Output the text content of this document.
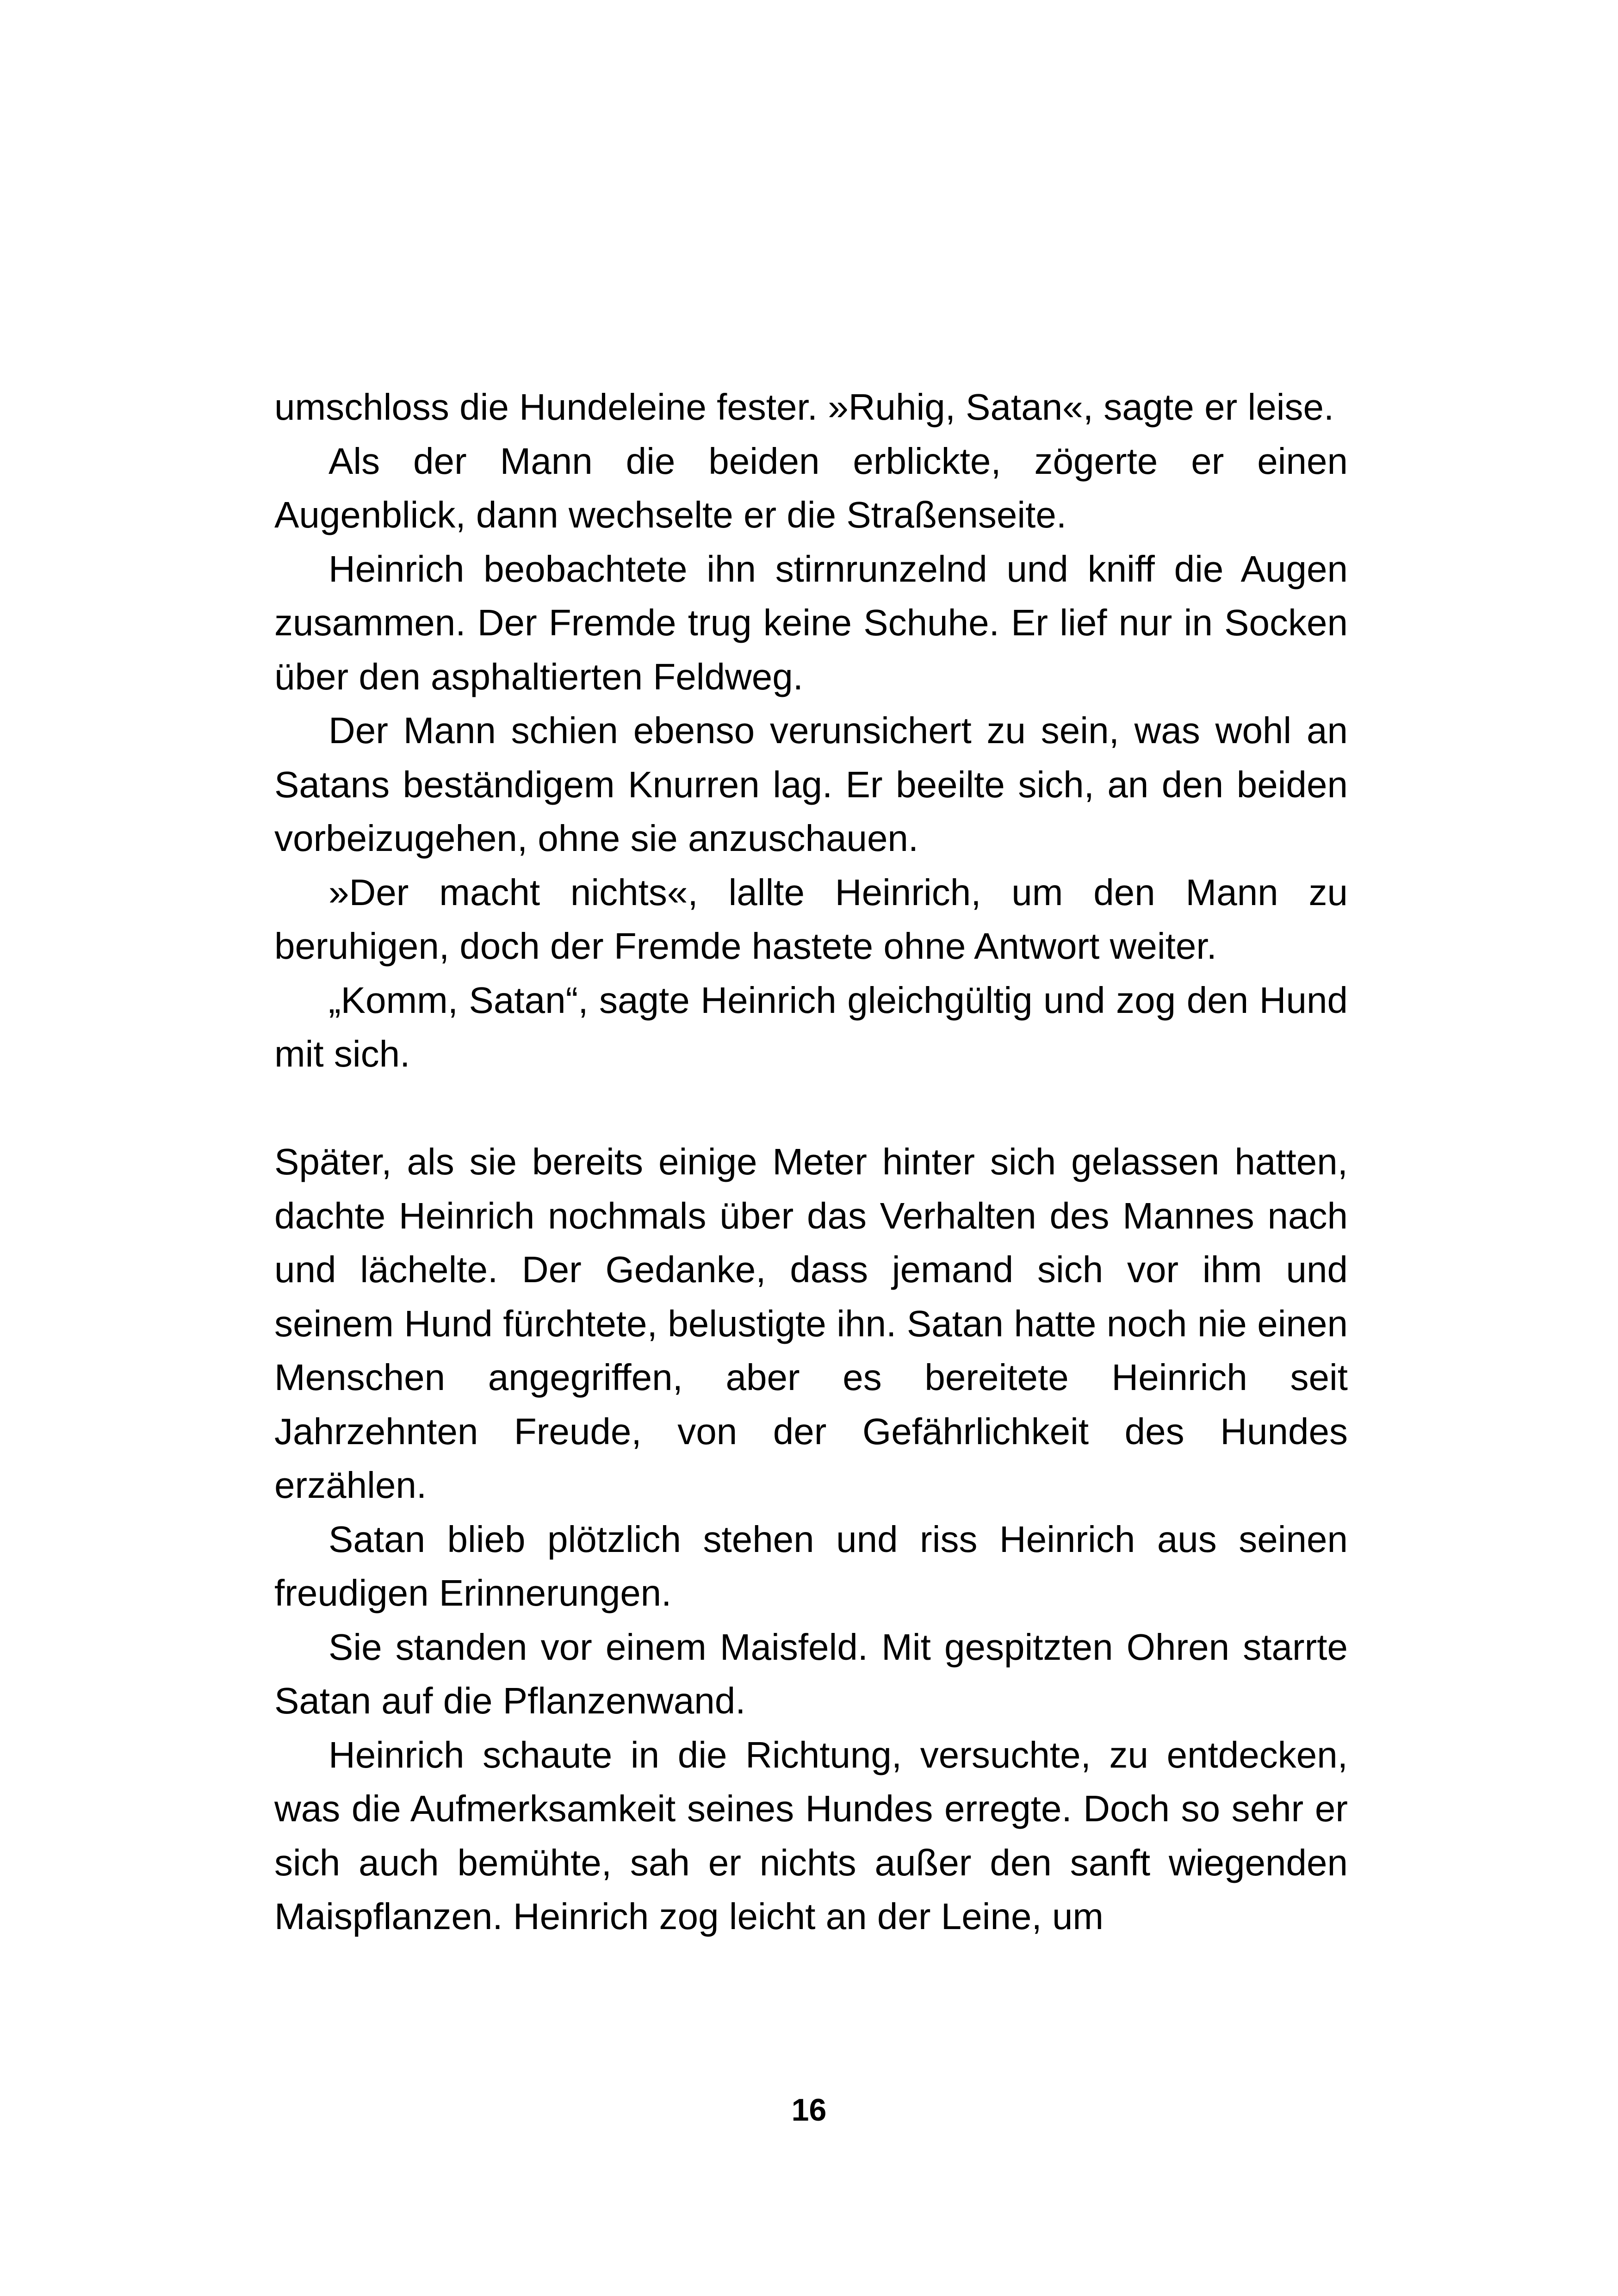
umschloss die Hundeleine fester. »Ruhig, Satan«, sagte er leise.

Als der Mann die beiden erblickte, zögerte er einen Augenblick, dann wechselte er die Straßenseite.

Heinrich beobachtete ihn stirnrunzelnd und kniff die Augen zusammen. Der Fremde trug keine Schuhe. Er lief nur in Socken über den asphaltierten Feldweg.

Der Mann schien ebenso verunsichert zu sein, was wohl an Satans beständigem Knurren lag. Er beeilte sich, an den beiden vorbeizugehen, ohne sie anzuschauen.

»Der macht nichts«, lallte Heinrich, um den Mann zu beruhigen, doch der Fremde hastete ohne Antwort weiter.

„Komm, Satan“, sagte Heinrich gleichgültig und zog den Hund mit sich.

Später, als sie bereits einige Meter hinter sich gelassen hatten, dachte Heinrich nochmals über das Verhalten des Mannes nach und lächelte. Der Gedanke, dass jemand sich vor ihm und seinem Hund fürchtete, belustigte ihn. Satan hatte noch nie einen Menschen angegriffen, aber es bereitete Heinrich seit Jahrzehnten Freude, von der Gefährlichkeit des Hundes erzählen.

Satan blieb plötzlich stehen und riss Heinrich aus seinen freudigen Erinnerungen.

Sie standen vor einem Maisfeld. Mit gespitzten Ohren starrte Satan auf die Pflanzenwand.

Heinrich schaute in die Richtung, versuchte, zu entdecken, was die Aufmerksamkeit seines Hundes erregte. Doch so sehr er sich auch bemühte, sah er nichts außer den sanft wiegenden Maispflanzen. Heinrich zog leicht an der Leine, um

16
